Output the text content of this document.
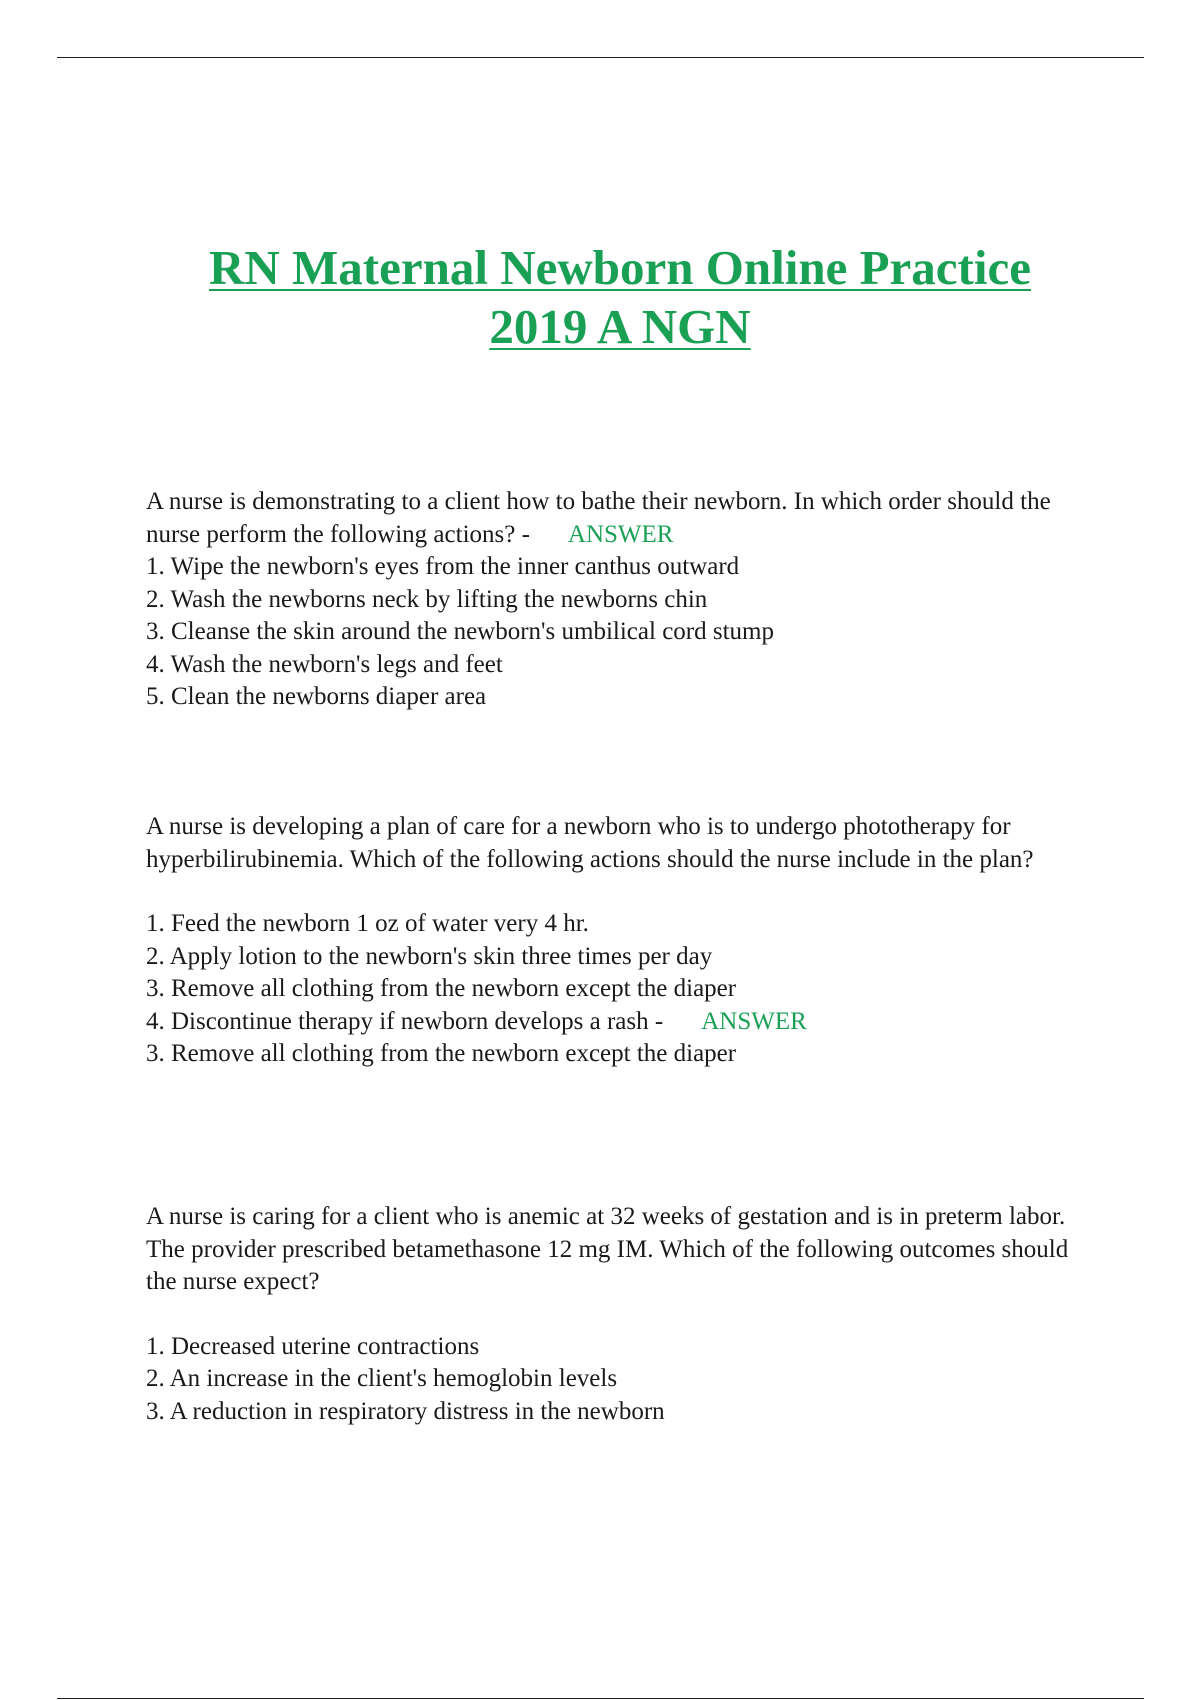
RN Maternal Newborn Online Practice
2019 A NGN

A nurse is demonstrating to a client how to bathe their newborn. In which order should the nurse perform the following actions? - ANSWER

1. Wipe the newborn's eyes from the inner canthus outward
2. Wash the newborns neck by lifting the newborns chin
3. Cleanse the skin around the newborn's umbilical cord stump
4. Wash the newborn's legs and feet
5. Clean the newborns diaper area

A nurse is developing a plan of care for a newborn who is to undergo phototherapy for hyperbilirubinemia. Which of the following actions should the nurse include in the plan?

1. Feed the newborn 1 oz of water very 4 hr.
2. Apply lotion to the newborn's skin three times per day
3. Remove all clothing from the newborn except the diaper
4. Discontinue therapy if newborn develops a rash - ANSWER
3. Remove all clothing from the newborn except the diaper

A nurse is caring for a client who is anemic at 32 weeks of gestation and is in preterm labor. The provider prescribed betamethasone 12 mg IM. Which of the following outcomes should the nurse expect?

1. Decreased uterine contractions
2. An increase in the client's hemoglobin levels
3. A reduction in respiratory distress in the newborn
